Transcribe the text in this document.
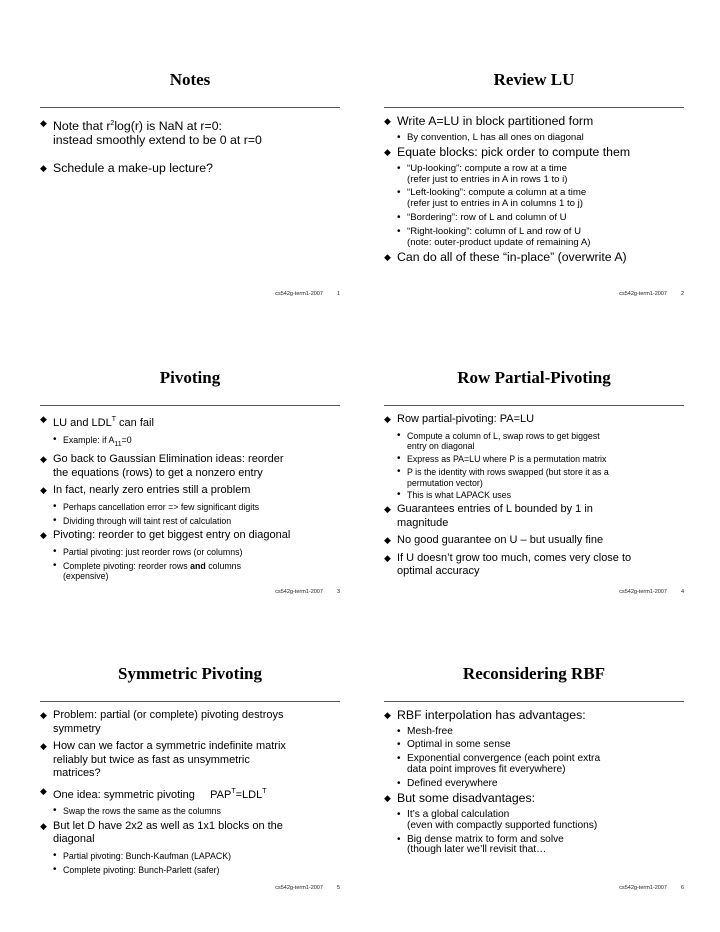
Notes
◆ Note that $r^2\log(r)$ is NaN at r=0:
instead smoothly extend to be 0 at r=0
◆ Schedule a make-up lecture?
cs542g-term1-2007	1
Review LU
◆ Write A=LU in block partitioned form
• By convention, L has all ones on diagonal
◆ Equate blocks: pick order to compute them
• “Up-looking”: compute a row at a time
(refer just to entries in A in rows 1 to i)
• “Left-looking”: compute a column at a time
(refer just to entries in A in columns 1 to j)
• “Bordering”: row of L and column of U
• “Right-looking”: column of L and row of U
(note: outer-product update of remaining A)
◆ Can do all of these “in-place” (overwrite A)
cs542g-term1-2007	2
Pivoting
◆ LU and $LDL^T$ can fail
• Example: if $A_{11}=0$
◆ Go back to Gaussian Elimination ideas: reorder
the equations (rows) to get a nonzero entry
◆ In fact, nearly zero entries still a problem
• Perhaps cancellation error => few significant digits
• Dividing through will taint rest of calculation
◆ Pivoting: reorder to get biggest entry on diagonal
• Partial pivoting: just reorder rows (or columns)
• Complete pivoting: reorder rows and columns
(expensive)
cs542g-term1-2007	3
Row Partial-Pivoting
◆ Row partial-pivoting: PA=LU
• Compute a column of L, swap rows to get biggest
entry on diagonal
• Express as PA=LU where P is a permutation matrix
• P is the identity with rows swapped (but store it as a
permutation vector)
• This is what LAPACK uses
◆ Guarantees entries of L bounded by 1 in
magnitude
◆ No good guarantee on U – but usually fine
◆ If U doesn’t grow too much, comes very close to
optimal accuracy
cs542g-term1-2007	4
Symmetric Pivoting
◆ Problem: partial (or complete) pivoting destroys
symmetry
◆ How can we factor a symmetric indefinite matrix
reliably but twice as fast as unsymmetric
matrices?
◆ One idea: symmetric pivoting     $PAP^T=LDL^T$
• Swap the rows the same as the columns
◆ But let D have 2x2 as well as 1x1 blocks on the
diagonal
• Partial pivoting: Bunch-Kaufman (LAPACK)
• Complete pivoting: Bunch-Parlett (safer)
cs542g-term1-2007	5
Reconsidering RBF
◆ RBF interpolation has advantages:
• Mesh-free
• Optimal in some sense
• Exponential convergence (each point extra
data point improves fit everywhere)
• Defined everywhere
◆ But some disadvantages:
• It’s a global calculation
(even with compactly supported functions)
• Big dense matrix to form and solve
(though later we’ll revisit that…
cs542g-term1-2007	6
